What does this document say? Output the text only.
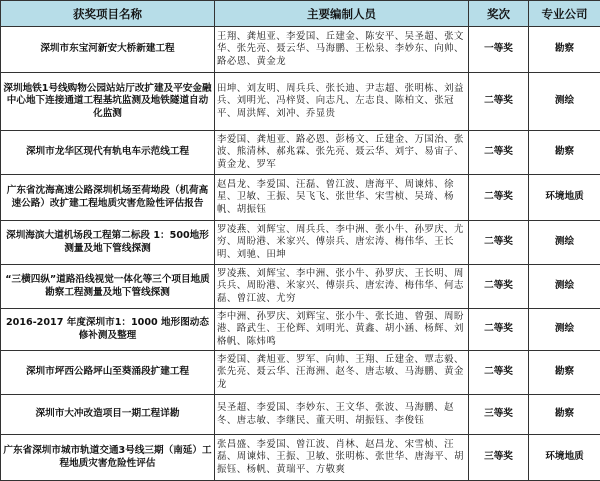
获奖项目名称	主要编制人员	奖次	专业公司
深圳市东宝河新安大桥新建工程	王翔、龚旭亚、李爱国、丘建金、陈安平、吴圣超、张文华、张先亮、聂云华、马海鹏、王松泉、李妙东、向帅、路必恩、黄金龙	一等奖	勘察
深圳地铁1号线购物公园站站厅改扩建及平安金融中心地下连接通道工程基坑监测及地铁隧道自动化监测	田坤、刘友明、周兵兵、张长迪、尹志超、张明栋、刘益兵、刘明光、冯梓贤、向志凡、左志良、陈柏文、张冠平、周洪辉、刘冲、乔显贵	二等奖	测绘
深圳市龙华区现代有轨电车示范线工程	李爱国、龚旭亚、路必恩、彭杨文、丘建金、万国治、张波、熊清林、郝兆霖、张先亮、聂云华、刘宇、易宙子、黄金龙、罗军	二等奖	勘察
广东省沈海高速公路深圳机场至荷坳段（机荷高速公路）改扩建工程地质灾害危险性评估报告	赵昌龙、李爱国、汪磊、曾江波、唐海平、周谏炜、徐星、卫敏、王振、吴飞飞、张世华、宋雪桢、吴琦、杨帆、胡振钰	二等奖	环境地质
深圳海滨大道机场段工程第二标段 1：500地形测量及地下管线探测	罗凌燕、刘辉宝、周兵兵、李中洲、张小牛、孙罗庆、尤穷、周盼港、米家兴、傅崇兵、唐宏涛、梅伟华、王长明、刘驰、田坤	二等奖	测绘
“三横四纵”道路沿线视觉一体化等三个项目地质勘察工程测量及地下管线探测	罗凌燕、刘辉宝、李中洲、张小牛、孙罗庆、王长明、周兵兵、周盼港、米家兴、傅崇兵、唐宏涛、梅伟华、何志磊、曾江波、尤穷	二等奖	测绘
2016-2017 年度深圳市1：1000 地形图动态修补测及整理	李中洲、孙罗庆、刘辉宝、张小牛、张长迪、曾强、周盼港、路武生、王伦辉、刘明光、黄鑫、胡小涵、杨辉、刘格帆、陈炜鸣	二等奖	测绘
深圳市坪西公路坪山至葵涌段扩建工程	李爱国、龚旭亚、罗军、向帅、王翔、丘建金、覃志毅、张先亮、聂云华、汪海洲、赵冬、唐志敏、马海鹏、黄金龙	二等奖	勘察
深圳市大冲改造项目一期工程详勘	吴圣超、李爱国、李妙东、王文华、张波、马海鹏、赵冬、唐志敏、李继民、董天明、胡振钰、李俊钰	三等奖	勘察
广东省深圳市城市轨道交通3号线三期（南延）工程地质灾害危险性评估	张昌盛、李爱国、曾江波、肖林、赵昌龙、宋雪桢、汪磊、周谏炜、王振、卫敏、张明栋、张世华、唐海平、胡振钰、杨帆、黄瑞平、方敬爽	三等奖	环境地质
